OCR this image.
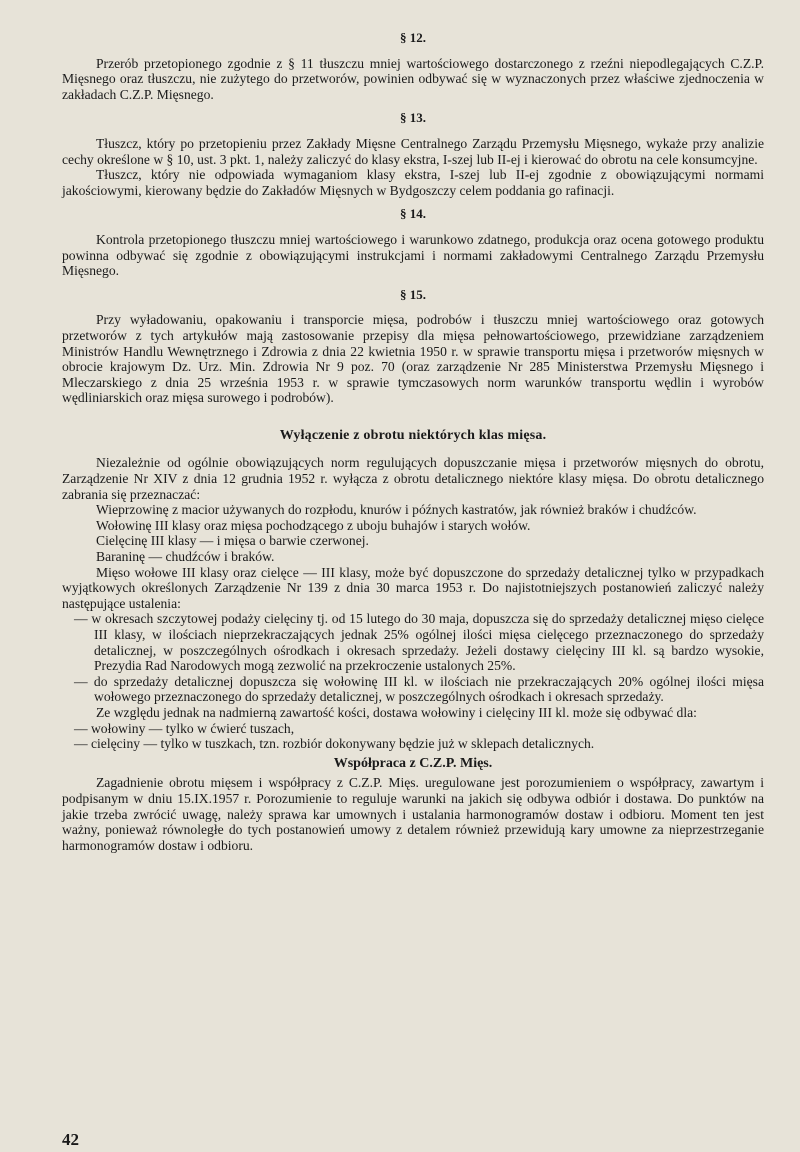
§ 12.

Przerób przetopionego zgodnie z § 11 tłuszczu mniej wartościowego dostarczonego z rzeźni niepodlegających C.Z.P. Mięsnego oraz tłuszczu, nie zużytego do przetworów, powinien odbywać się w wyznaczonych przez właściwe zjednoczenia w zakładach C.Z.P. Mięsnego.

§ 13.

Tłuszcz, który po przetopieniu przez Zakłady Mięsne Centralnego Zarządu Przemysłu Mięsnego, wykaże przy analizie cechy określone w § 10, ust. 3 pkt. 1, należy zaliczyć do klasy ekstra, I-szej lub II-ej i kierować do obrotu na cele konsumcyjne.

Tłuszcz, który nie odpowiada wymaganiom klasy ekstra, I-szej lub II-ej zgodnie z obowiązującymi normami jakościowymi, kierowany będzie do Zakładów Mięsnych w Bydgoszczy celem poddania go rafinacji.

§ 14.

Kontrola przetopionego tłuszczu mniej wartościowego i warunkowo zdatnego, produkcja oraz ocena gotowego produktu powinna odbywać się zgodnie z obowiązującymi instrukcjami i normami zakładowymi Centralnego Zarządu Przemysłu Mięsnego.

§ 15.

Przy wyładowaniu, opakowaniu i transporcie mięsa, podrobów i tłuszczu mniej wartościowego oraz gotowych przetworów z tych artykułów mają zastosowanie przepisy dla mięsa pełnowartościowego, przewidziane zarządzeniem Ministrów Handlu Wewnętrznego i Zdrowia z dnia 22 kwietnia 1950 r. w sprawie transportu mięsa i przetworów mięsnych w obrocie krajowym Dz. Urz. Min. Zdrowia Nr 9 poz. 70 (oraz zarządzenie Nr 285 Ministerstwa Przemysłu Mięsnego i Mleczarskiego z dnia 25 września 1953 r. w sprawie tymczasowych norm warunków transportu wędlin i wyrobów wędliniarskich oraz mięsa surowego i podrobów).

Wyłączenie z obrotu niektórych klas mięsa.

Niezależnie od ogólnie obowiązujących norm regulujących dopuszczanie mięsa i przetworów mięsnych do obrotu, Zarządzenie Nr XIV z dnia 12 grudnia 1952 r. wyłącza z obrotu detalicznego niektóre klasy mięsa. Do obrotu detalicznego zabrania się przeznaczać:

Wieprzowinę z macior używanych do rozpłodu, knurów i późnych kastratów, jak również braków i chudźców.

Wołowinę III klasy oraz mięsa pochodzącego z uboju buhajów i starych wołów.

Cielęcinę III klasy — i mięsa o barwie czerwonej.

Baraninę — chudźców i braków.

Mięso wołowe III klasy oraz cielęce — III klasy, może być dopuszczone do sprzedaży detalicznej tylko w przypadkach wyjątkowych określonych Zarządzenie Nr 139 z dnia 30 marca 1953 r. Do najistotniejszych postanowień zaliczyć należy następujące ustalenia:

— w okresach szczytowej podaży cielęciny tj. od 15 lutego do 30 maja, dopuszcza się do sprzedaży detalicznej mięso cielęce III klasy, w ilościach nieprzekraczających jednak 25% ogólnej ilości mięsa cielęcego przeznaczonego do sprzedaży detalicznej, w poszczególnych ośrodkach i okresach sprzedaży. Jeżeli dostawy cielęciny III kl. są bardzo wysokie, Prezydia Rad Narodowych mogą zezwolić na przekroczenie ustalonych 25%.

— do sprzedaży detalicznej dopuszcza się wołowinę III kl. w ilościach nie przekraczających 20% ogólnej ilości mięsa wołowego przeznaczonego do sprzedaży detalicznej, w poszczególnych ośrodkach i okresach sprzedaży.

Ze względu jednak na nadmierną zawartość kości, dostawa wołowiny i cielęciny III kl. może się odbywać dla:

— wołowiny — tylko w ćwierć tuszach,

— cielęciny — tylko w tuszkach, tzn. rozbiór dokonywany będzie już w sklepach detalicznych.

Współpraca z C.Z.P. Mięs.

Zagadnienie obrotu mięsem i współpracy z C.Z.P. Mięs. uregulowane jest porozumieniem o współpracy, zawartym i podpisanym w dniu 15.IX.1957 r. Porozumienie to reguluje warunki na jakich się odbywa odbiór i dostawa. Do punktów na jakie trzeba zwrócić uwagę, należy sprawa kar umownych i ustalania harmonogramów dostaw i odbioru. Moment ten jest ważny, ponieważ równoległe do tych postanowień umowy z detalem również przewidują kary umowne za nieprzestrzeganie harmonogramów dostaw i odbioru.

42
